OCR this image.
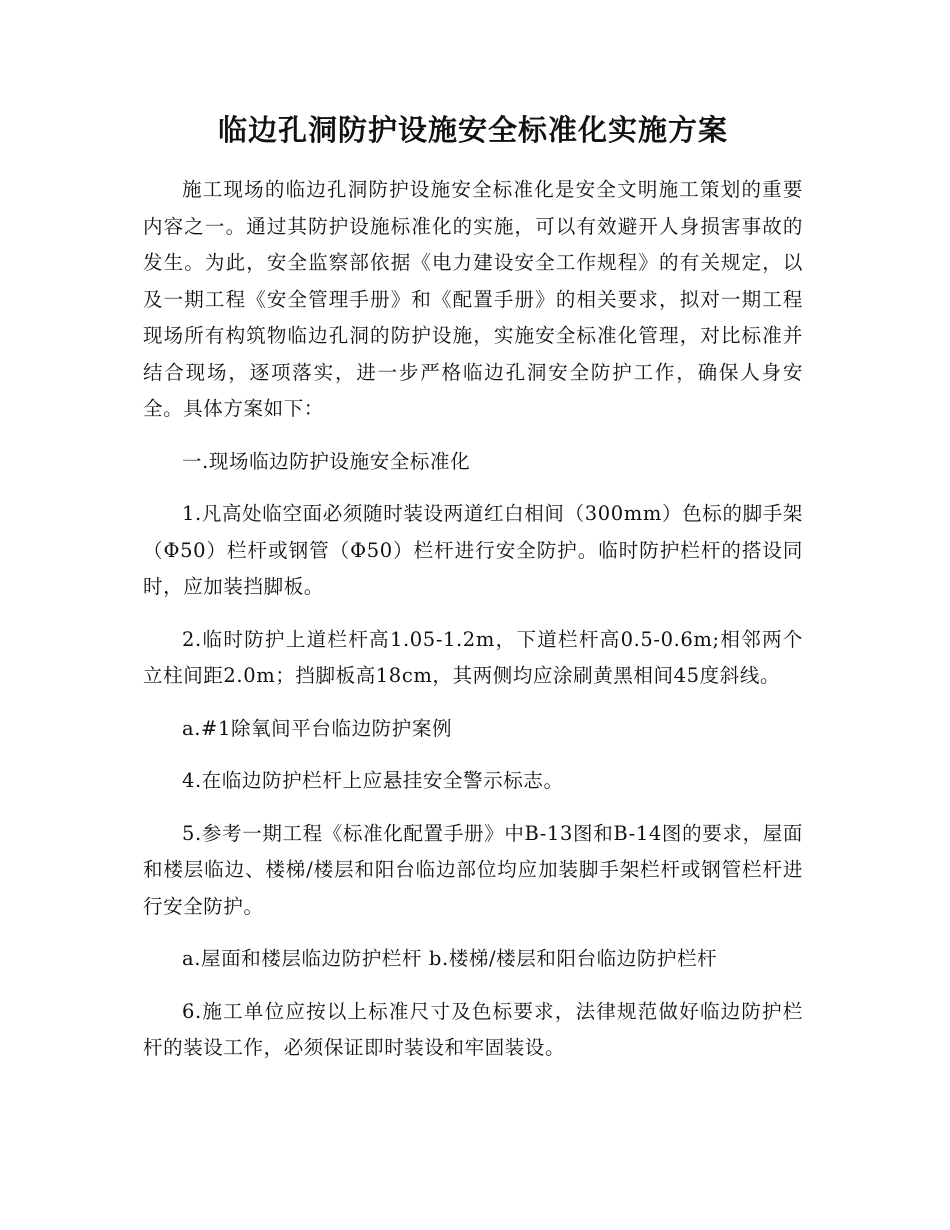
临边孔洞防护设施安全标准化实施方案

施工现场的临边孔洞防护设施安全标准化是安全文明施工策划的重要内容之一。通过其防护设施标准化的实施，可以有效避开人身损害事故的发生。为此，安全监察部依据《电力建设安全工作规程》的有关规定，以及一期工程《安全管理手册》和《配置手册》的相关要求，拟对一期工程现场所有构筑物临边孔洞的防护设施，实施安全标准化管理，对比标准并结合现场，逐项落实，进一步严格临边孔洞安全防护工作，确保人身安全。具体方案如下：

一.现场临边防护设施安全标准化

1.凡高处临空面必须随时装设两道红白相间（300mm）色标的脚手架（Φ50）栏杆或钢管（Φ50）栏杆进行安全防护。临时防护栏杆的搭设同时，应加装挡脚板。

2.临时防护上道栏杆高1.05-1.2m，下道栏杆高0.5-0.6m;相邻两个立柱间距2.0m；挡脚板高18cm，其两侧均应涂刷黄黑相间45度斜线。

a.#1除氧间平台临边防护案例

4.在临边防护栏杆上应悬挂安全警示标志。

5.参考一期工程《标准化配置手册》中B-13图和B-14图的要求，屋面和楼层临边、楼梯/楼层和阳台临边部位均应加装脚手架栏杆或钢管栏杆进行安全防护。

a.屋面和楼层临边防护栏杆 b.楼梯/楼层和阳台临边防护栏杆

6.施工单位应按以上标准尺寸及色标要求，法律规范做好临边防护栏杆的装设工作，必须保证即时装设和牢固装设。
